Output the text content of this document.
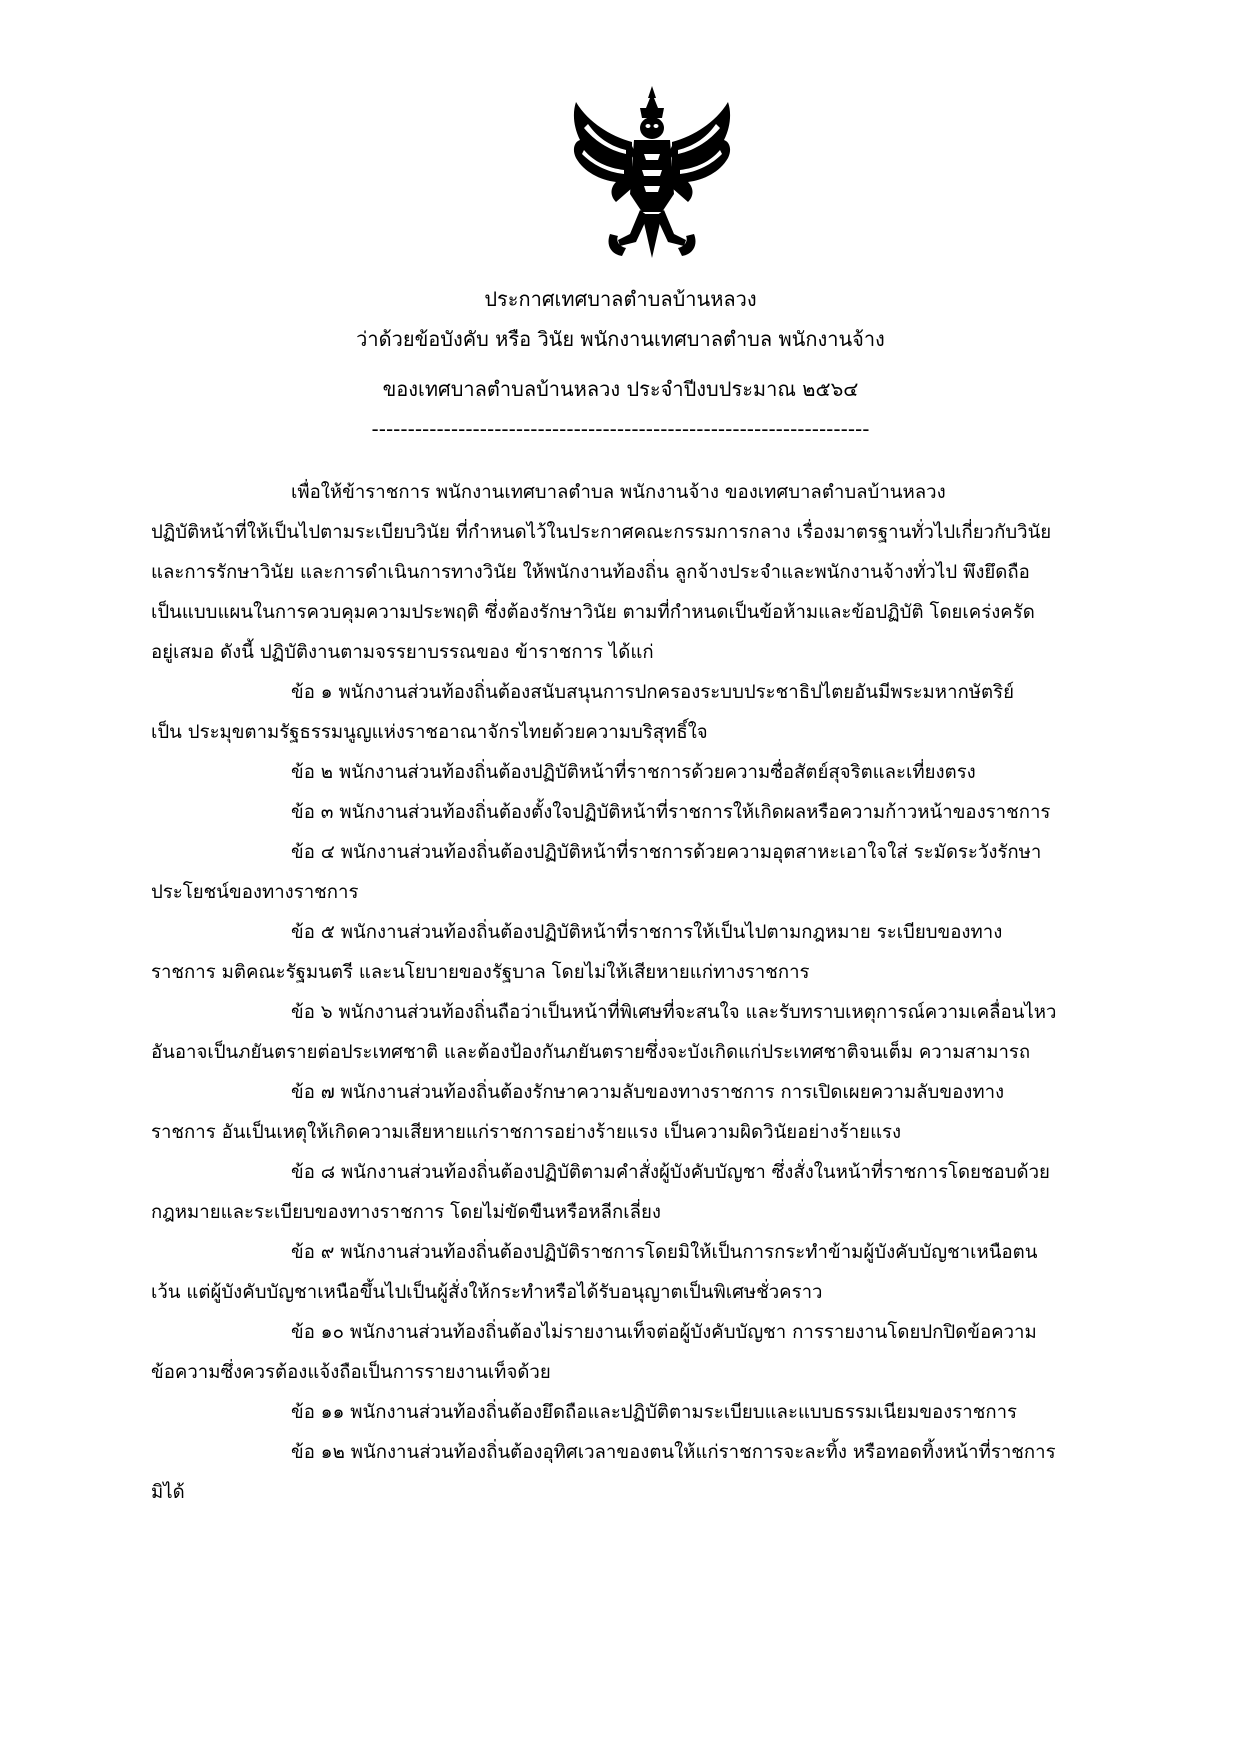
ประกาศเทศบาลตำบลบ้านหลวง
ว่าด้วยข้อบังคับ หรือ วินัย พนักงานเทศบาลตำบล พนักงานจ้าง
ของเทศบาลตำบลบ้านหลวง ประจำปีงบประมาณ ๒๕๖๔
---------------------------------------------------------------------

เพื่อให้ข้าราชการ พนักงานเทศบาลตำบล พนักงานจ้าง ของเทศบาลตำบลบ้านหลวง
ปฏิบัติหน้าที่ให้เป็นไปตามระเบียบวินัย ที่กำหนดไว้ในประกาศคณะกรรมการกลาง เรื่องมาตรฐานทั่วไปเกี่ยวกับวินัย
และการรักษาวินัย และการดำเนินการทางวินัย ให้พนักงานท้องถิ่น ลูกจ้างประจำและพนักงานจ้างทั่วไป พึงยึดถือ
เป็นแบบแผนในการควบคุมความประพฤติ ซึ่งต้องรักษาวินัย ตามที่กำหนดเป็นข้อห้ามและข้อปฏิบัติ โดยเคร่งครัด
อยู่เสมอ ดังนี้ ปฏิบัติงานตามจรรยาบรรณของ ข้าราชการ ได้แก่

ข้อ ๑ พนักงานส่วนท้องถิ่นต้องสนับสนุนการปกครองระบบประชาธิปไตยอันมีพระมหากษัตริย์
เป็น ประมุขตามรัฐธรรมนูญแห่งราชอาณาจักรไทยด้วยความบริสุทธิ์ใจ

ข้อ ๒ พนักงานส่วนท้องถิ่นต้องปฏิบัติหน้าที่ราชการด้วยความซื่อสัตย์สุจริตและเที่ยงตรง

ข้อ ๓ พนักงานส่วนท้องถิ่นต้องตั้งใจปฏิบัติหน้าที่ราชการให้เกิดผลหรือความก้าวหน้าของราชการ

ข้อ ๔ พนักงานส่วนท้องถิ่นต้องปฏิบัติหน้าที่ราชการด้วยความอุตสาหะเอาใจใส่ ระมัดระวังรักษา
ประโยชน์ของทางราชการ

ข้อ ๕ พนักงานส่วนท้องถิ่นต้องปฏิบัติหน้าที่ราชการให้เป็นไปตามกฎหมาย ระเบียบของทาง
ราชการ มติคณะรัฐมนตรี และนโยบายของรัฐบาล โดยไม่ให้เสียหายแก่ทางราชการ

ข้อ ๖ พนักงานส่วนท้องถิ่นถือว่าเป็นหน้าที่พิเศษที่จะสนใจ และรับทราบเหตุการณ์ความเคลื่อนไหว
อันอาจเป็นภยันตรายต่อประเทศชาติ และต้องป้องกันภยันตรายซึ่งจะบังเกิดแก่ประเทศชาติจนเต็ม ความสามารถ

ข้อ ๗ พนักงานส่วนท้องถิ่นต้องรักษาความลับของทางราชการ การเปิดเผยความลับของทาง
ราชการ อันเป็นเหตุให้เกิดความเสียหายแก่ราชการอย่างร้ายแรง เป็นความผิดวินัยอย่างร้ายแรง

ข้อ ๘ พนักงานส่วนท้องถิ่นต้องปฏิบัติตามคำสั่งผู้บังคับบัญชา ซึ่งสั่งในหน้าที่ราชการโดยชอบด้วย
กฎหมายและระเบียบของทางราชการ โดยไม่ขัดขืนหรือหลีกเลี่ยง

ข้อ ๙ พนักงานส่วนท้องถิ่นต้องปฏิบัติราชการโดยมิให้เป็นการกระทำข้ามผู้บังคับบัญชาเหนือตน
เว้น แต่ผู้บังคับบัญชาเหนือขึ้นไปเป็นผู้สั่งให้กระทำหรือได้รับอนุญาตเป็นพิเศษชั่วคราว

ข้อ ๑๐ พนักงานส่วนท้องถิ่นต้องไม่รายงานเท็จต่อผู้บังคับบัญชา การรายงานโดยปกปิดข้อความ
ข้อความซึ่งควรต้องแจ้งถือเป็นการรายงานเท็จด้วย

ข้อ ๑๑ พนักงานส่วนท้องถิ่นต้องยึดถือและปฏิบัติตามระเบียบและแบบธรรมเนียมของราชการ

ข้อ ๑๒ พนักงานส่วนท้องถิ่นต้องอุทิศเวลาของตนให้แก่ราชการจะละทิ้ง หรือทอดทิ้งหน้าที่ราชการ
มิได้
